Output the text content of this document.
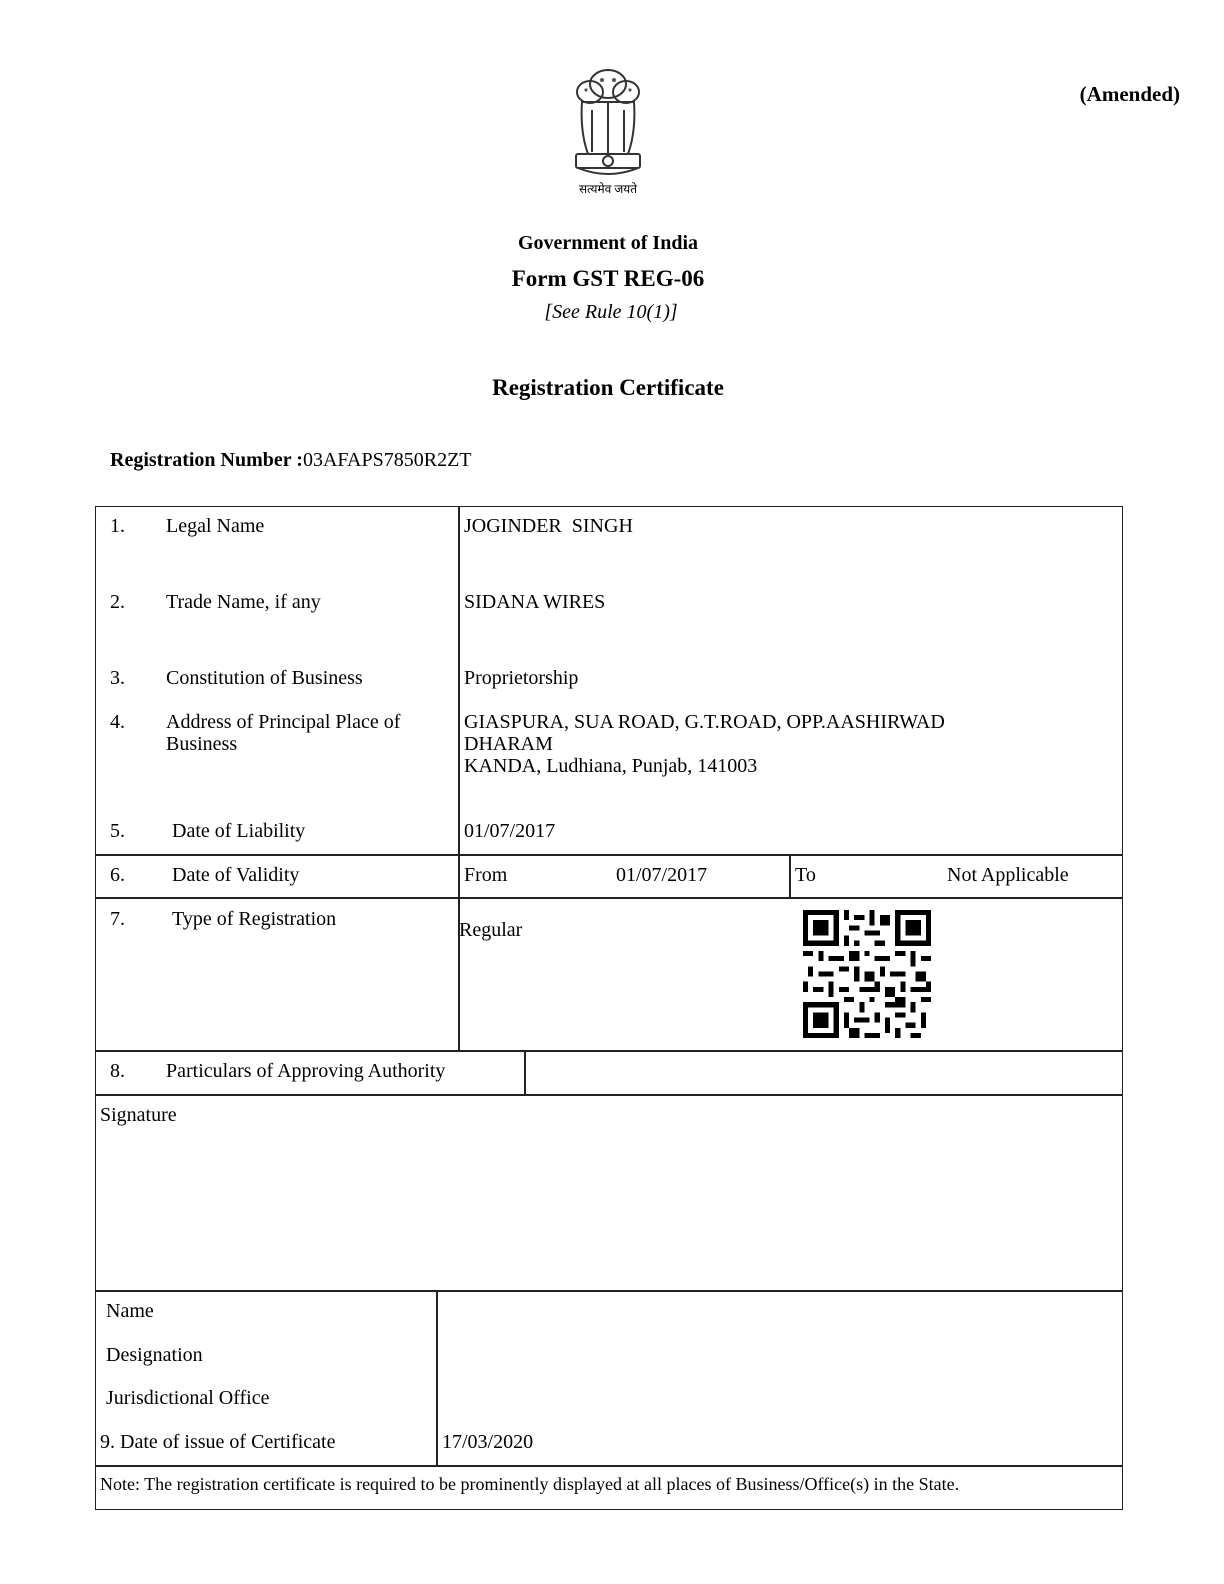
(Amended)
सत्यमेव जयते
Government of India
Form GST REG-06
[See Rule 10(1)]
Registration Certificate
Registration Number :03AFAPS7850R2ZT
1. Legal Name	JOGINDER  SINGH
2. Trade Name, if any	SIDANA WIRES
3. Constitution of Business	Proprietorship
4. Address of Principal Place of
Business
GIASPURA, SUA ROAD, G.T.ROAD, OPP.AASHIRWAD
DHARAM
KANDA, Ludhiana, Punjab, 141003
5. Date of Liability	01/07/2017
6. Date of Validity	From	01/07/2017	To	Not Applicable
7. Type of Registration	Regular
8. Particulars of Approving Authority
Signature
Name
Designation
Jurisdictional Office
9. Date of issue of Certificate	17/03/2020
Note: The registration certificate is required to be prominently displayed at all places of Business/Office(s) in the State.
